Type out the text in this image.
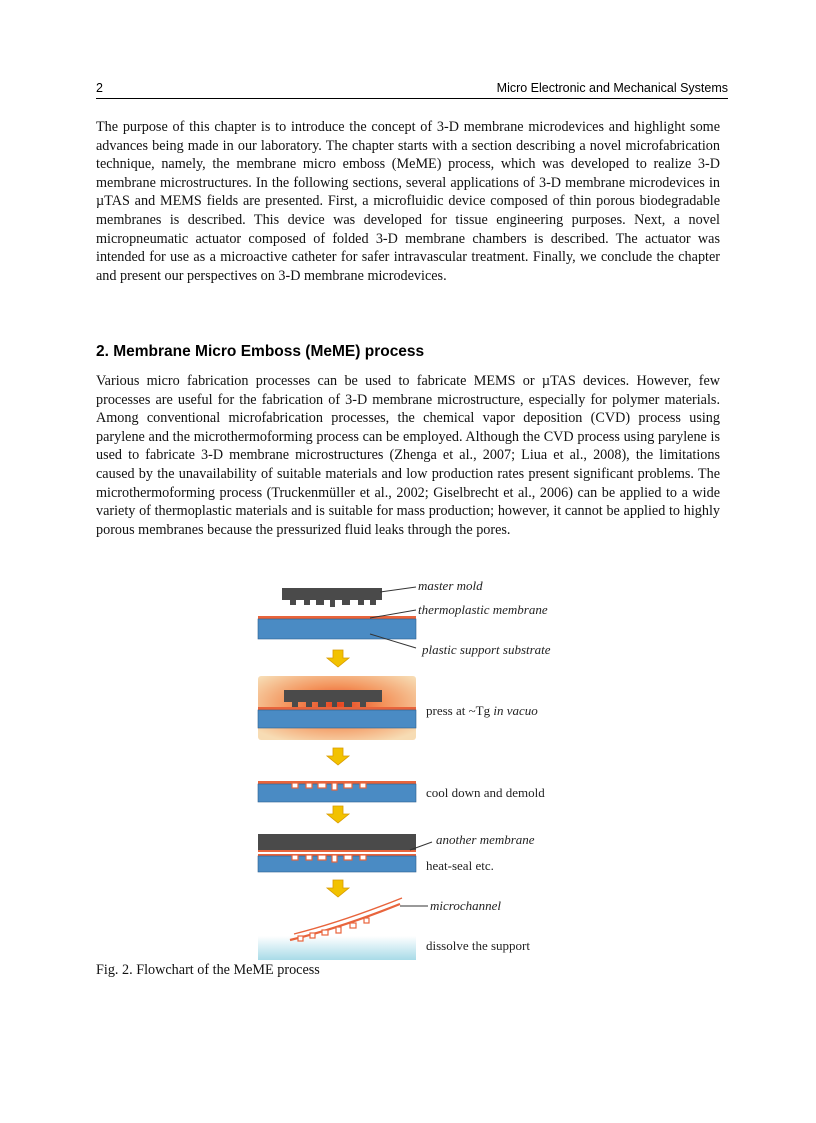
2	Micro Electronic and Mechanical Systems
The purpose of this chapter is to introduce the concept of 3-D membrane microdevices and highlight some advances being made in our laboratory. The chapter starts with a section describing a novel microfabrication technique, namely, the membrane micro emboss (MeME) process, which was developed to realize 3-D membrane microstructures. In the following sections, several applications of 3-D membrane microdevices in µTAS and MEMS fields are presented. First, a microfluidic device composed of thin porous biodegradable membranes is described. This device was developed for tissue engineering purposes. Next, a novel micropneumatic actuator composed of folded 3-D membrane chambers is described. The actuator was intended for use as a microactive catheter for safer intravascular treatment. Finally, we conclude the chapter and present our perspectives on 3-D membrane microdevices.
2. Membrane Micro Emboss (MeME) process
Various micro fabrication processes can be used to fabricate MEMS or µTAS devices. However, few processes are useful for the fabrication of 3-D membrane microstructure, especially for polymer materials. Among conventional microfabrication processes, the chemical vapor deposition (CVD) process using parylene and the microthermoforming process can be employed. Although the CVD process using parylene is used to fabricate 3-D membrane microstructures (Zhenga et al., 2007; Liua et al., 2008), the limitations caused by the unavailability of suitable materials and low production rates present significant problems. The microthermoforming process (Truckenmüller et al., 2002; Giselbrecht et al., 2006) can be applied to a wide variety of thermoplastic materials and is suitable for mass production; however, it cannot be applied to highly porous membranes because the pressurized fluid leaks through the pores.
master mold
thermoplastic membrane
plastic support substrate
press at ~Tg in vacuo
cool down and demold
another membrane
heat-seal etc.
microchannel
dissolve the support
Fig. 2. Flowchart of the MeME process
